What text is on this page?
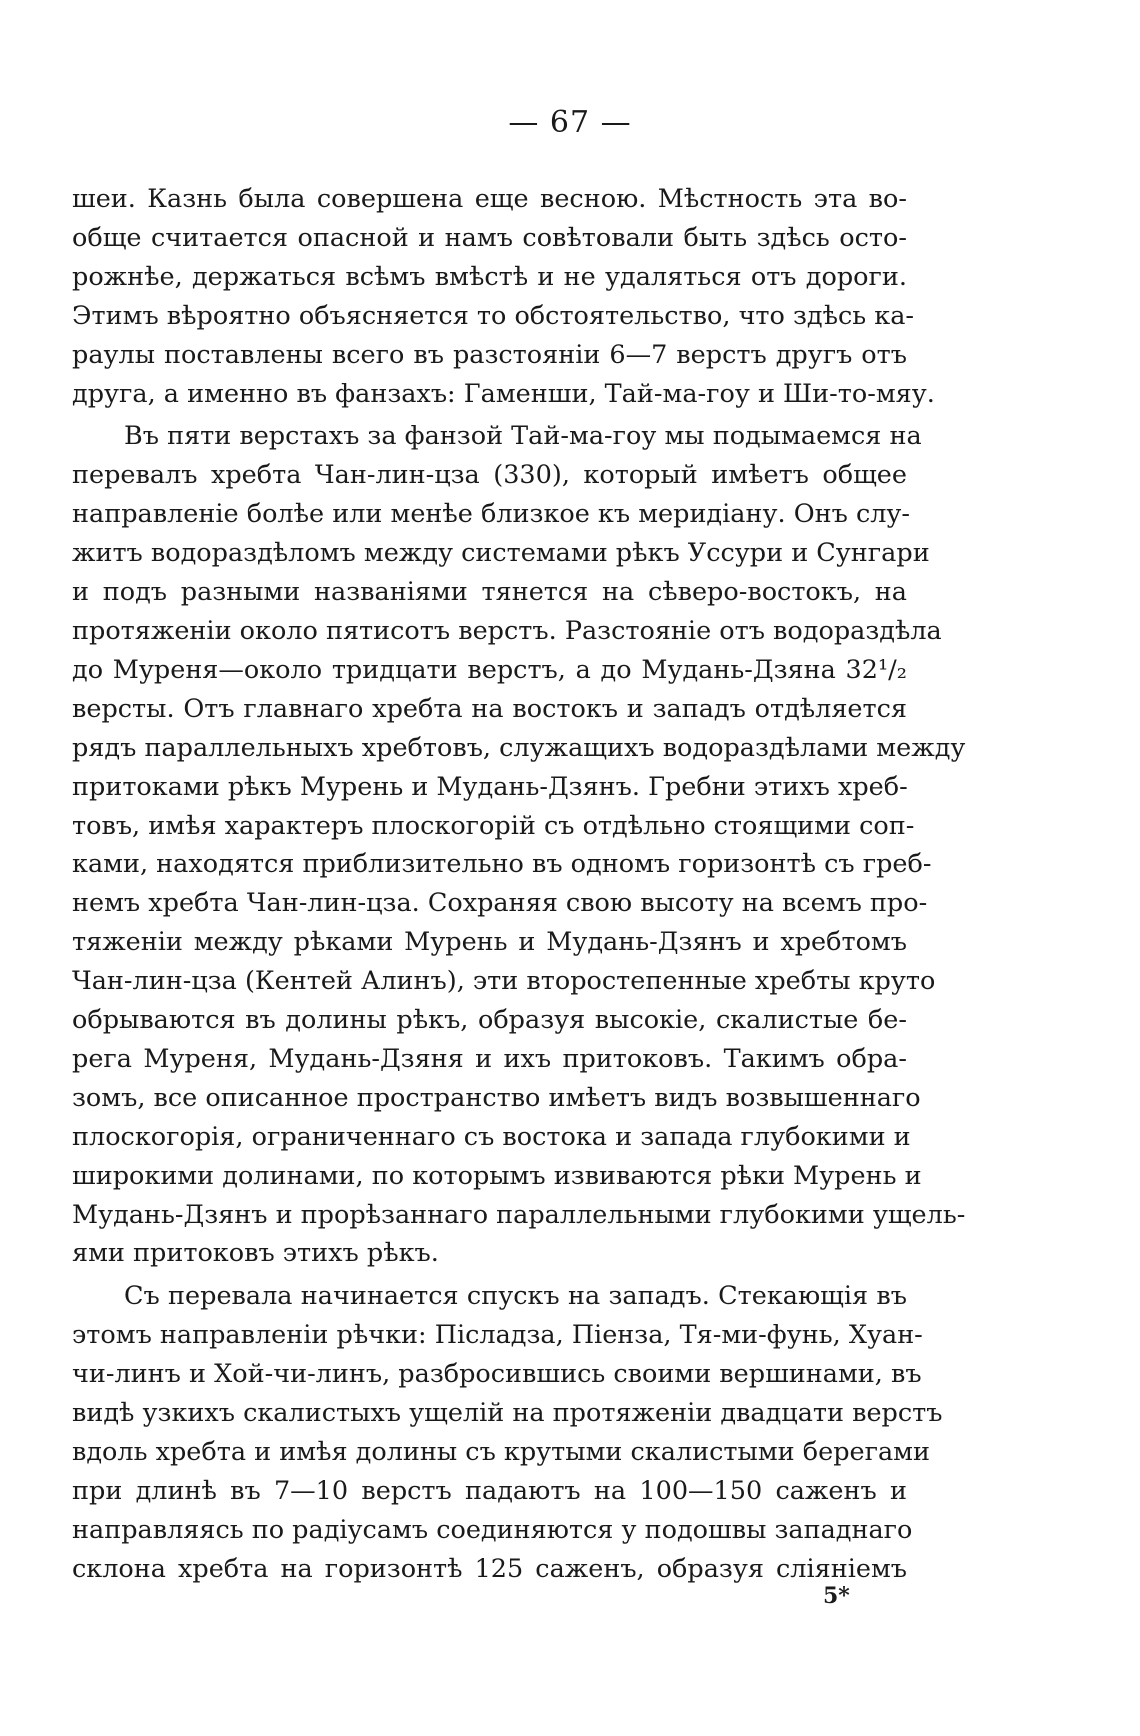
— 67 —
шеи. Казнь была совершена еще весною. Мѣстность эта во-
обще считается опасной и намъ совѣтовали быть здѣсь осто-
рожнѣе, держаться всѣмъ вмѣстѣ и не удаляться отъ дороги.
Этимъ вѣроятно объясняется то обстоятельство, что здѣсь ка-
раулы поставлены всего въ разстояніи 6—7 верстъ другъ отъ
друга, а именно въ фанзахъ: Гаменши, Тай-ма-гоу и Ши-то-мяу.
Въ пяти верстахъ за фанзой Тай-ма-гоу мы подымаемся на
перевалъ хребта Чан-лин-цза (330), который имѣетъ общее
направленіе болѣе или менѣе близкое къ меридіану. Онъ слу-
житъ водораздѣломъ между системами рѣкъ Уссури и Сунгари
и подъ разными названіями тянется на сѣверо-востокъ, на
протяженіи около пятисотъ верстъ. Разстояніе отъ водораздѣла
до Муреня—около тридцати верстъ, а до Мудань-Дзяна 32¹/₂
версты. Отъ главнаго хребта на востокъ и западъ отдѣляется
рядъ параллельныхъ хребтовъ, служащихъ водораздѣлами между
притоками рѣкъ Мурень и Мудань-Дзянъ. Гребни этихъ хреб-
товъ, имѣя характеръ плоскогорій съ отдѣльно стоящими соп-
ками, находятся приблизительно въ одномъ горизонтѣ съ греб-
немъ хребта Чан-лин-цза. Сохраняя свою высоту на всемъ про-
тяженіи между рѣками Мурень и Мудань-Дзянъ и хребтомъ
Чан-лин-цза (Кентей Алинъ), эти второстепенные хребты круто
обрываются въ долины рѣкъ, образуя высокіе, скалистые бе-
рега Муреня, Мудань-Дзяня и ихъ притоковъ. Такимъ обра-
зомъ, все описанное пространство имѣетъ видъ возвышеннаго
плоскогорія, ограниченнаго съ востока и запада глубокими и
широкими долинами, по которымъ извиваются рѣки Мурень и
Мудань-Дзянъ и прорѣзаннаго параллельными глубокими ущель-
ями притоковъ этихъ рѣкъ.
Съ перевала начинается спускъ на западъ. Стекающія въ
этомъ направленіи рѣчки: Післадза, Піенза, Тя-ми-фунь, Хуан-
чи-линъ и Хой-чи-линъ, разбросившись своими вершинами, въ
видѣ узкихъ скалистыхъ ущелій на протяженіи двадцати верстъ
вдоль хребта и имѣя долины съ крутыми скалистыми берегами
при длинѣ въ 7—10 верстъ падаютъ на 100—150 саженъ и
направляясь по радіусамъ соединяются у подошвы западнаго
склона хребта на горизонтѣ 125 саженъ, образуя сліяніемъ
5*
